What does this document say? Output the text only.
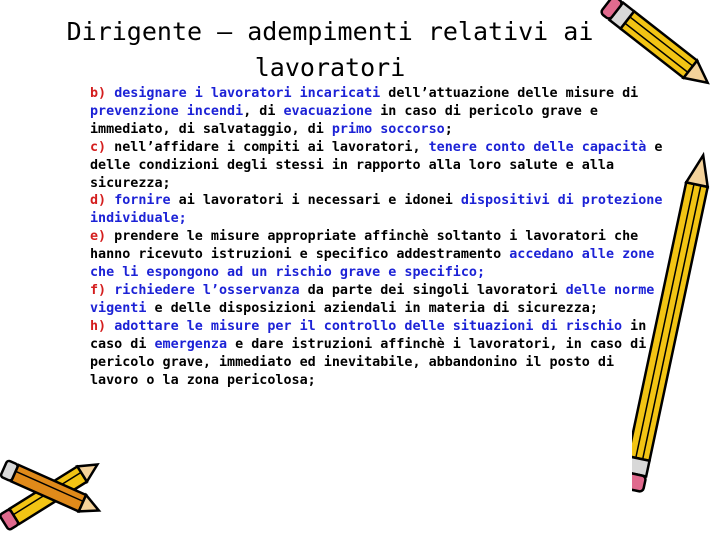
Dirigente – adempimenti relativi ai lavoratori

b) designare i lavoratori incaricati dell’attuazione delle misure di prevenzione incendi, di evacuazione in caso di pericolo grave e immediato, di salvataggio, di primo soccorso;

c) nell’affidare i compiti ai lavoratori, tenere conto delle capacità e delle condizioni degli stessi in rapporto alla loro salute e alla sicurezza;

d) fornire ai lavoratori i necessari e idonei dispositivi di protezione individuale;

e) prendere le misure appropriate affinchè soltanto i lavoratori che hanno ricevuto istruzioni e specifico addestramento accedano alle zone che li espongono ad un rischio grave e specifico;

f) richiedere l’osservanza da parte dei singoli lavoratori delle norme vigenti e delle disposizioni aziendali in materia di sicurezza;

h) adottare le misure per il controllo delle situazioni di rischio in caso di emergenza e dare istruzioni affinchè i lavoratori, in caso di pericolo grave, immediato ed inevitabile, abbandonino il posto di lavoro o la zona pericolosa;
